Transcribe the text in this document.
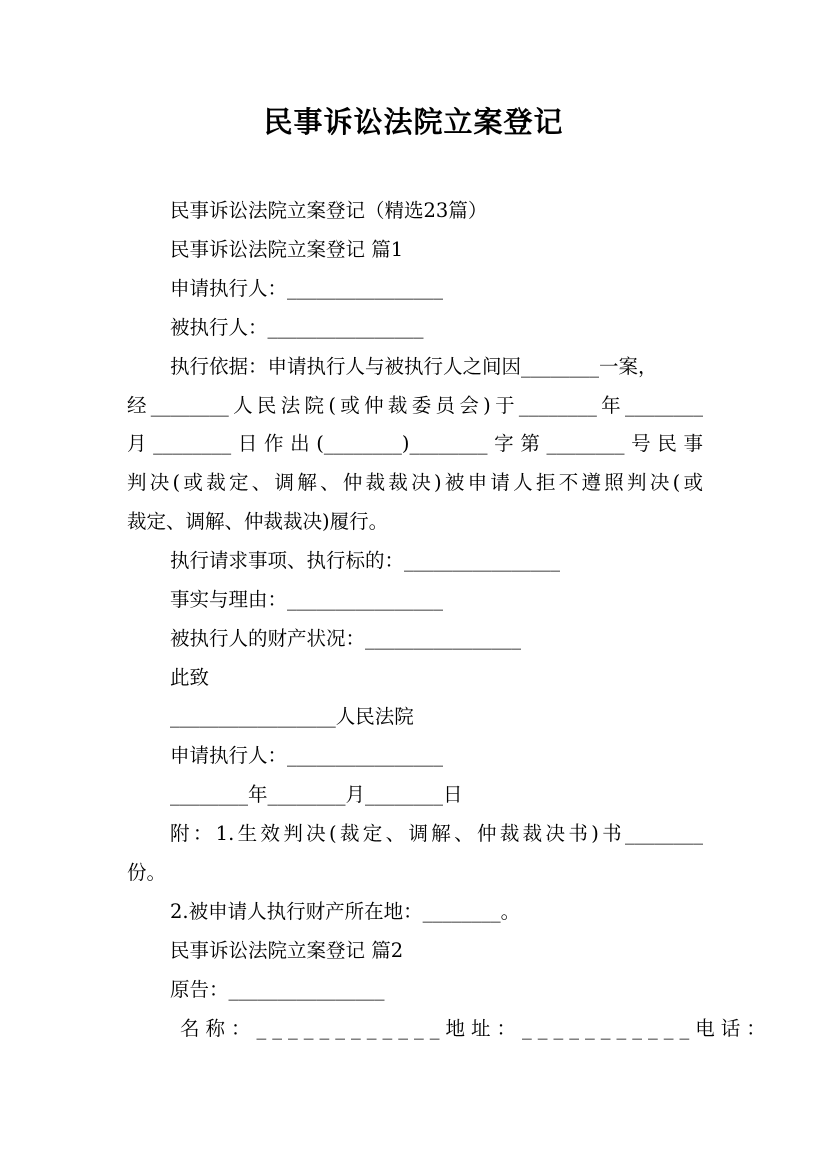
民事诉讼法院立案登记
民事诉讼法院立案登记（精选23篇）
民事诉讼法院立案登记 篇1
申请执行人：________________
被执行人：________________
执行依据：申请执行人与被执行人之间因________一案，
经________人民法院(或仲裁委员会)于________年________
月________日作出(________)________字第________号民事
判决(或裁定、调解、仲裁裁决)被申请人拒不遵照判决(或
裁定、调解、仲裁裁决)履行。
执行请求事项、执行标的：________________
事实与理由：________________
被执行人的财产状况：________________
此致
_________________人民法院
申请执行人：________________
________年________月________日
附：1.生效判决(裁定、调解、仲裁裁决书)书________
份。
2.被申请人执行财产所在地：________。
民事诉讼法院立案登记 篇2
原告：________________
名称：____________地址：___________电话：
